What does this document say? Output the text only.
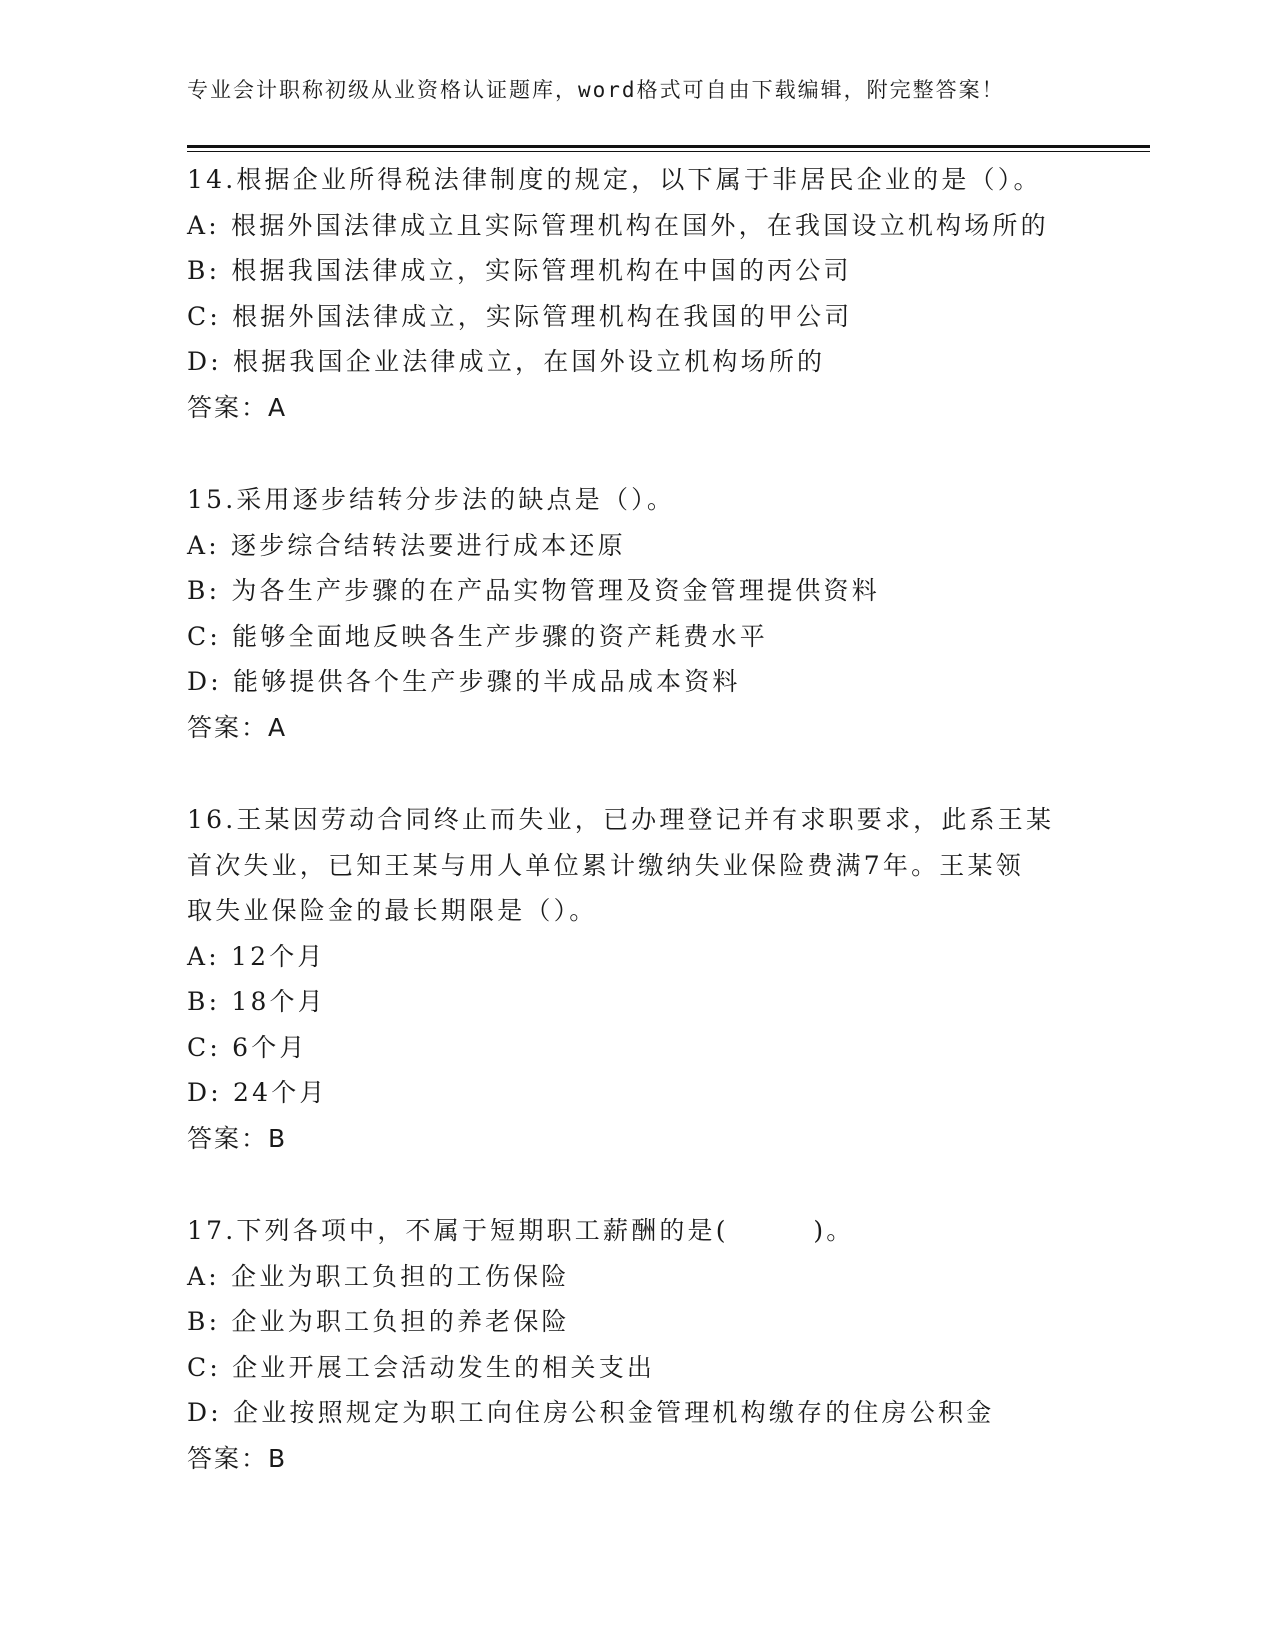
专业会计职称初级从业资格认证题库，word格式可自由下载编辑，附完整答案！
14.根据企业所得税法律制度的规定，以下属于非居民企业的是（）。
A: 根据外国法律成立且实际管理机构在国外，在我国设立机构场所的
B: 根据我国法律成立，实际管理机构在中国的丙公司
C: 根据外国法律成立，实际管理机构在我国的甲公司
D: 根据我国企业法律成立，在国外设立机构场所的
答案：A
15.采用逐步结转分步法的缺点是（）。
A: 逐步综合结转法要进行成本还原
B: 为各生产步骤的在产品实物管理及资金管理提供资料
C: 能够全面地反映各生产步骤的资产耗费水平
D: 能够提供各个生产步骤的半成品成本资料
答案：A
16.王某因劳动合同终止而失业，已办理登记并有求职要求，此系王某
首次失业，已知王某与用人单位累计缴纳失业保险费满7年。王某领
取失业保险金的最长期限是（）。
A: 12个月
B: 18个月
C: 6个月
D: 24个月
答案：B
17.下列各项中，不属于短期职工薪酬的是(　　　)。
A: 企业为职工负担的工伤保险
B: 企业为职工负担的养老保险
C: 企业开展工会活动发生的相关支出
D: 企业按照规定为职工向住房公积金管理机构缴存的住房公积金
答案：B
